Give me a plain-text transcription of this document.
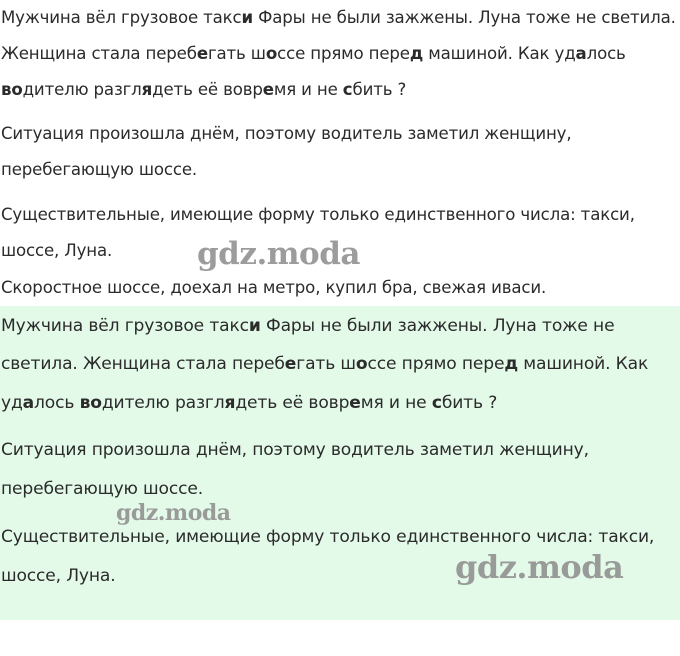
Мужчина вёл грузовое такси Фары не были зажжены. Луна тоже не светила.
Женщина стала перебегать шоссе прямо перед машиной. Как удалось
водителю разглядеть её вовремя и не сбить ?
Ситуация произошла днём, поэтому водитель заметил женщину,
перебегающую шоссе.
Существительные, имеющие форму только единственного числа: такси,
шоссе, Луна.
Скоростное шоссе, доехал на метро, купил бра, свежая иваси.
Мужчина вёл грузовое такси Фары не были зажжены. Луна тоже не
светила. Женщина стала перебегать шоссе прямо перед машиной. Как
удалось водителю разглядеть её вовремя и не сбить ?
Ситуация произошла днём, поэтому водитель заметил женщину,
перебегающую шоссе.
Существительные, имеющие форму только единственного числа: такси,
шоссе, Луна.
gdz.moda
gdz.moda
gdz.moda
